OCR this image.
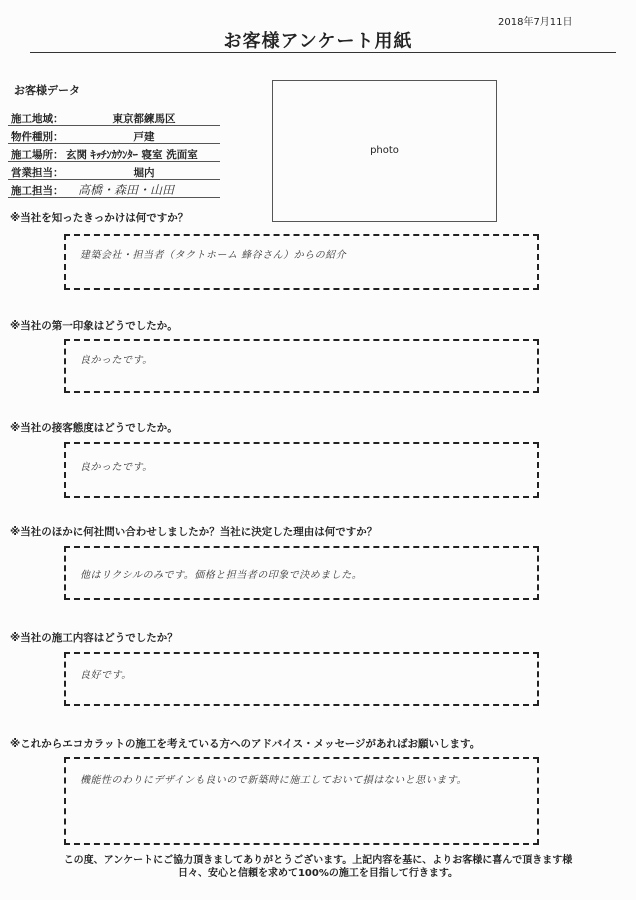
2018年7月11日
お客様アンケート用紙
お客様データ
施工地域：	東京都練馬区
物件種別：	戸建
施工場所： 玄関 ｷｯﾁﾝｶｳﾝﾀｰ 寝室 洗面室
営業担当：	堀内
施工担当： 高橋・森田・山田
photo
※当社を知ったきっかけは何ですか？
建築会社・担当者（タクトホーム 蜂谷さん）からの紹介
※当社の第一印象はどうでしたか。
良かったです。
※当社の接客態度はどうでしたか。
良かったです。
※当社のほかに何社問い合わせしましたか？当社に決定した理由は何ですか？
他はリクシルのみです。価格と担当者の印象で決めました。
※当社の施工内容はどうでしたか？
良好です。
※これからエコカラットの施工を考えている方へのアドバイス・メッセージがあればお願いします。
機能性のわりにデザインも良いので新築時に施工しておいて損はないと思います。
この度、アンケートにご協力頂きましてありがとうございます。上記内容を基に、よりお客様に喜んで頂きます様
日々、安心と信頼を求めて100%の施工を目指して行きます。
